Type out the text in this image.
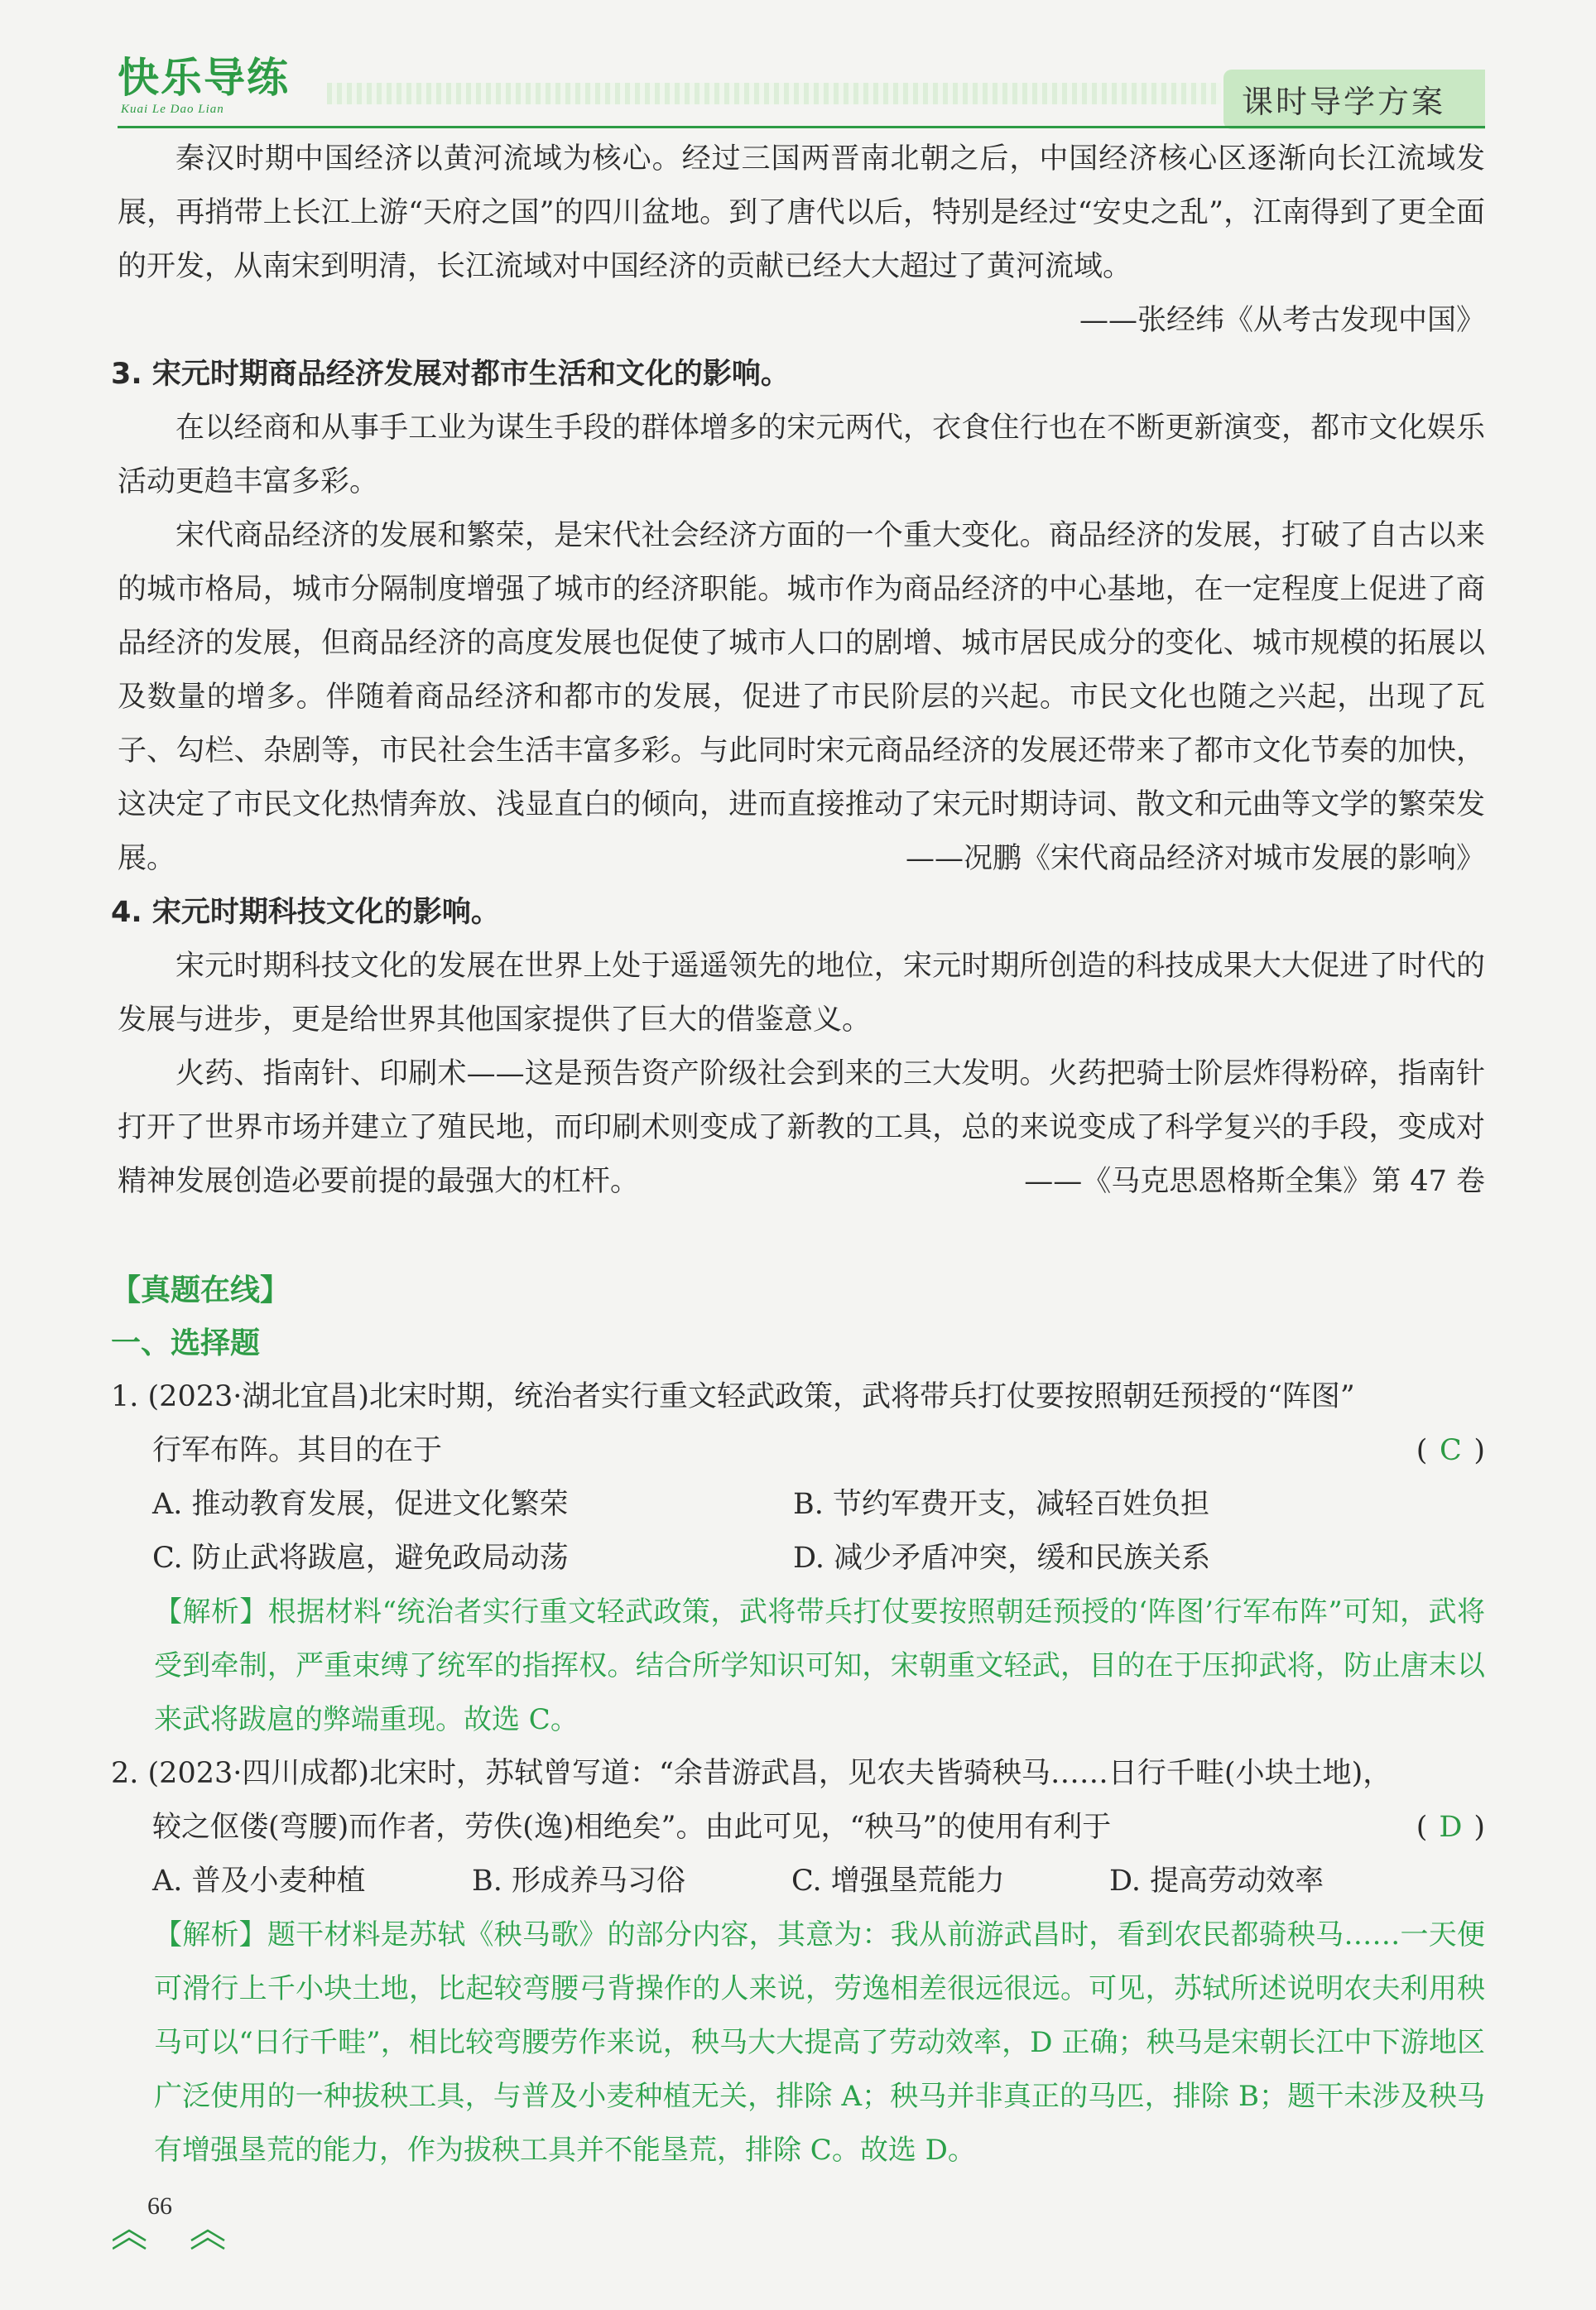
快乐导练
Kuai Le Dao Lian	课时导学方案
秦汉时期中国经济以黄河流域为核心。经过三国两晋南北朝之后，中国经济核心区逐渐向长江流域发展，再捎带上长江上游“天府之国”的四川盆地。到了唐代以后，特别是经过“安史之乱”，江南得到了更全面的开发，从南宋到明清，长江流域对中国经济的贡献已经大大超过了黄河流域。
——张经纬《从考古发现中国》
3. 宋元时期商品经济发展对都市生活和文化的影响。
在以经商和从事手工业为谋生手段的群体增多的宋元两代，衣食住行也在不断更新演变，都市文化娱乐活动更趋丰富多彩。
宋代商品经济的发展和繁荣，是宋代社会经济方面的一个重大变化。商品经济的发展，打破了自古以来的城市格局，城市分隔制度增强了城市的经济职能。城市作为商品经济的中心基地，在一定程度上促进了商品经济的发展，但商品经济的高度发展也促使了城市人口的剧增、城市居民成分的变化、城市规模的拓展以及数量的增多。伴随着商品经济和都市的发展，促进了市民阶层的兴起。市民文化也随之兴起，出现了瓦子、勾栏、杂剧等，市民社会生活丰富多彩。与此同时宋元商品经济的发展还带来了都市文化节奏的加快，这决定了市民文化热情奔放、浅显直白的倾向，进而直接推动了宋元时期诗词、散文和元曲等文学的繁荣发展。	——况鹏《宋代商品经济对城市发展的影响》
4. 宋元时期科技文化的影响。
宋元时期科技文化的发展在世界上处于遥遥领先的地位，宋元时期所创造的科技成果大大促进了时代的发展与进步，更是给世界其他国家提供了巨大的借鉴意义。
火药、指南针、印刷术——这是预告资产阶级社会到来的三大发明。火药把骑士阶层炸得粉碎，指南针打开了世界市场并建立了殖民地，而印刷术则变成了新教的工具，总的来说变成了科学复兴的手段，变成对精神发展创造必要前提的最强大的杠杆。	——《马克思恩格斯全集》第 47 卷
【真题在线】
一、选择题
1. (2023·湖北宜昌)北宋时期，统治者实行重文轻武政策，武将带兵打仗要按照朝廷预授的“阵图”
行军布阵。其目的在于	( C )
A. 推动教育发展，促进文化繁荣	B. 节约军费开支，减轻百姓负担
C. 防止武将跋扈，避免政局动荡	D. 减少矛盾冲突，缓和民族关系
【解析】根据材料“统治者实行重文轻武政策，武将带兵打仗要按照朝廷预授的‘阵图’行军布阵”可知，武将受到牵制，严重束缚了统军的指挥权。结合所学知识可知，宋朝重文轻武，目的在于压抑武将，防止唐末以来武将跋扈的弊端重现。故选 C。
2. (2023·四川成都)北宋时，苏轼曾写道：“余昔游武昌，见农夫皆骑秧马……日行千畦(小块土地)，
较之伛偻(弯腰)而作者，劳佚(逸)相绝矣”。由此可见，“秧马”的使用有利于	( D )
A. 普及小麦种植	B. 形成养马习俗	C. 增强垦荒能力	D. 提高劳动效率
【解析】题干材料是苏轼《秧马歌》的部分内容，其意为：我从前游武昌时，看到农民都骑秧马……一天便可滑行上千小块土地，比起较弯腰弓背操作的人来说，劳逸相差很远很远。可见，苏轼所述说明农夫利用秧马可以“日行千畦”，相比较弯腰劳作来说，秧马大大提高了劳动效率，D 正确；秧马是宋朝长江中下游地区广泛使用的一种拔秧工具，与普及小麦种植无关，排除 A；秧马并非真正的马匹，排除 B；题干未涉及秧马有增强垦荒的能力，作为拔秧工具并不能垦荒，排除 C。故选 D。
66
